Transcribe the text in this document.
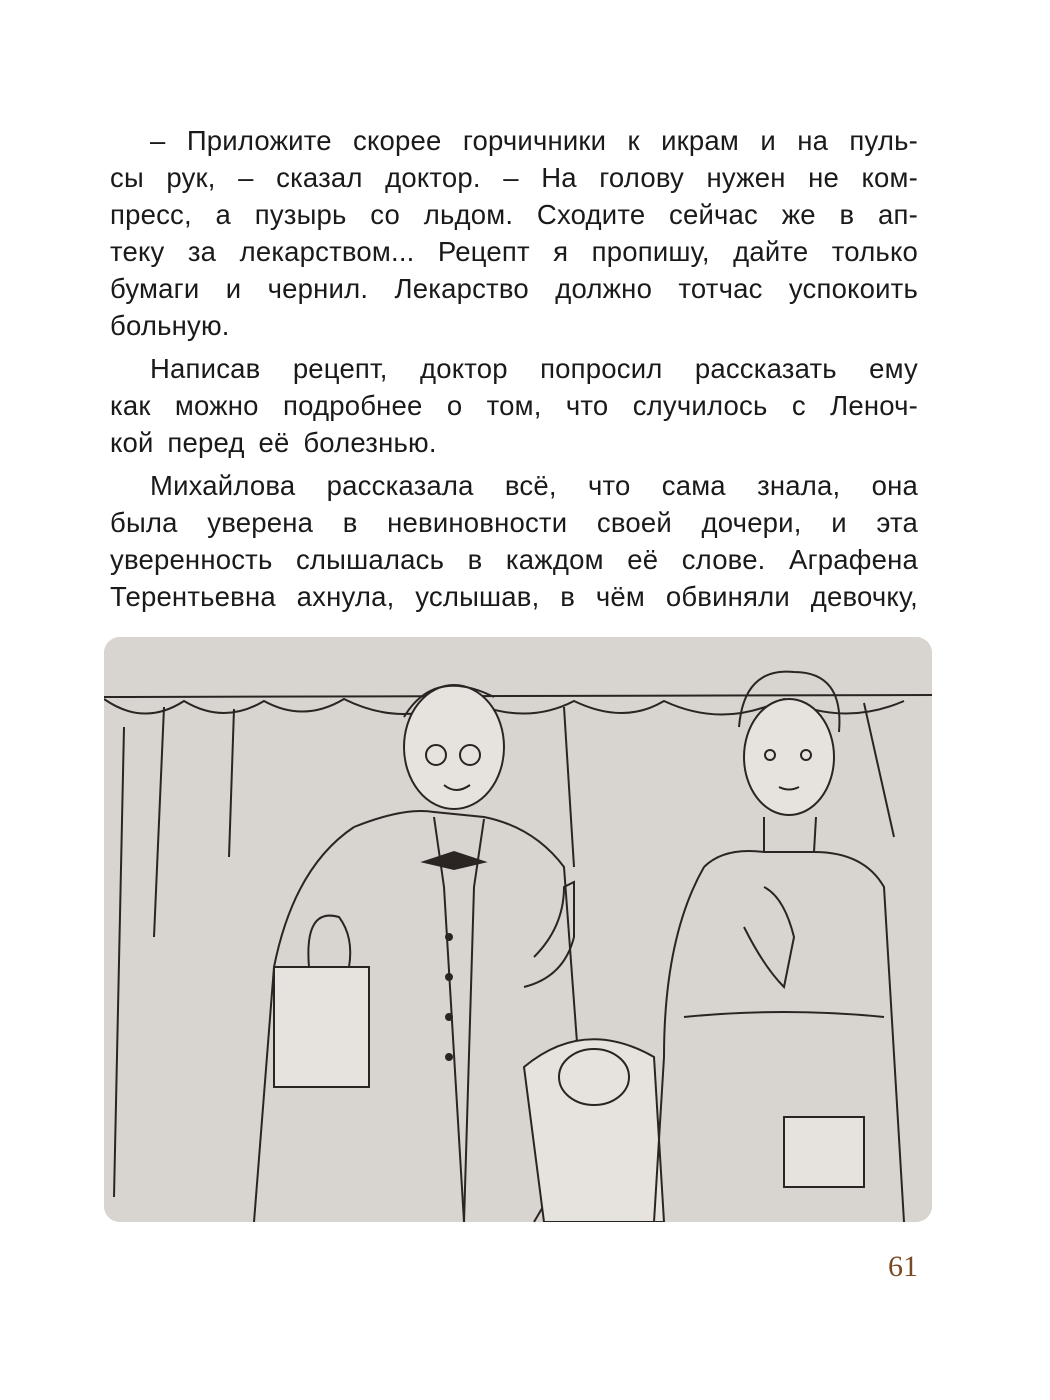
– Приложите скорее горчичники к икрам и на пуль-
сы рук, – сказал доктор. – На голову нужен не ком-
пресс, а пузырь со льдом. Сходите сейчас же в ап-
теку за лекарством... Рецепт я пропишу, дайте только
бумаги и чернил. Лекарство должно тотчас успокоить
больную.
Написав рецепт, доктор попросил рассказать ему
как можно подробнее о том, что случилось с Леноч-
кой перед её болезнью.
Михайлова рассказала всё, что сама знала, она
была уверена в невиновности своей дочери, и эта
уверенность слышалась в каждом её слове. Аграфена
Терентьевна ахнула, услышав, в чём обвиняли девочку,
61
